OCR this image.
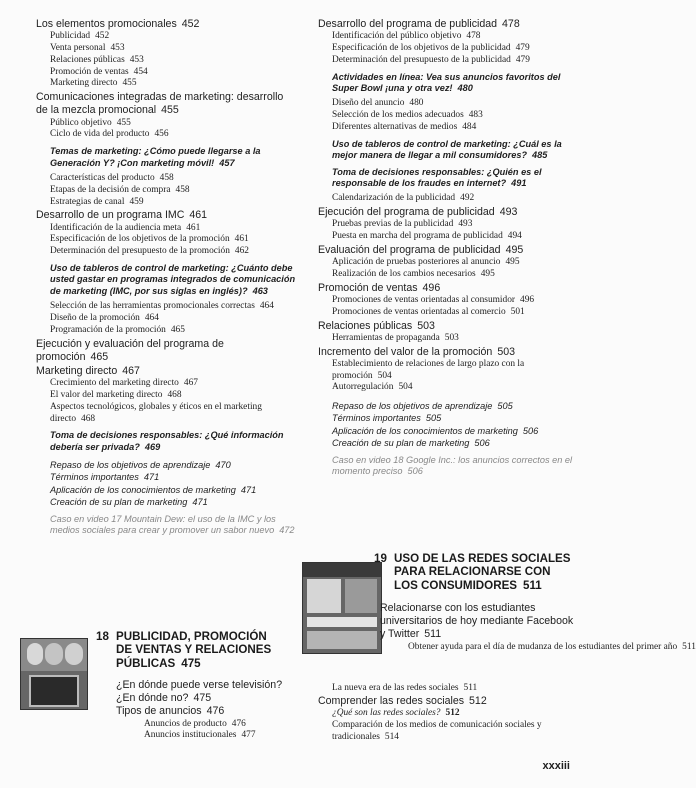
Los elementos promocionales 452
Publicidad 452
Venta personal 453
Relaciones públicas 453
Promoción de ventas 454
Marketing directo 455
Comunicaciones integradas de marketing: desarrollo de la mezcla promocional 455
Público objetivo 455
Ciclo de vida del producto 456
Temas de marketing: ¿Cómo puede llegarse a la Generación Y? ¡Con marketing móvil! 457
Características del producto 458
Etapas de la decisión de compra 458
Estrategias de canal 459
Desarrollo de un programa IMC 461
Identificación de la audiencia meta 461
Especificación de los objetivos de la promoción 461
Determinación del presupuesto de la promoción 462
Uso de tableros de control de marketing: ¿Cuánto debe usted gastar en programas integrados de comunicación de marketing (IMC, por sus siglas en inglés)? 463
Selección de las herramientas promocionales correctas 464
Diseño de la promoción 464
Programación de la promoción 465
Ejecución y evaluación del programa de promoción 465
Marketing directo 467
Crecimiento del marketing directo 467
El valor del marketing directo 468
Aspectos tecnológicos, globales y éticos en el marketing directo 468
Toma de decisiones responsables: ¿Qué información debería ser privada? 469
Repaso de los objetivos de aprendizaje 470
Términos importantes 471
Aplicación de los conocimientos de marketing 471
Creación de su plan de marketing 471
Caso en video 17 Mountain Dew: el uso de la IMC y los medios sociales para crear y promover un sabor nuevo 472
Desarrollo del programa de publicidad 478
Identificación del público objetivo 478
Especificación de los objetivos de la publicidad 479
Determinación del presupuesto de la publicidad 479
Actividades en línea: Vea sus anuncios favoritos del Super Bowl ¡una y otra vez! 480
Diseño del anuncio 480
Selección de los medios adecuados 483
Diferentes alternativas de medios 484
Uso de tableros de control de marketing: ¿Cuál es la mejor manera de llegar a mil consumidores? 485
Toma de decisiones responsables: ¿Quién es el responsable de los fraudes en internet? 491
Calendarización de la publicidad 492
Ejecución del programa de publicidad 493
Pruebas previas de la publicidad 493
Puesta en marcha del programa de publicidad 494
Evaluación del programa de publicidad 495
Aplicación de pruebas posteriores al anuncio 495
Realización de los cambios necesarios 495
Promoción de ventas 496
Promociones de ventas orientadas al consumidor 496
Promociones de ventas orientadas al comercio 501
Relaciones públicas 503
Herramientas de propaganda 503
Incremento del valor de la promoción 503
Establecimiento de relaciones de largo plazo con la promoción 504
Autorregulación 504
Repaso de los objetivos de aprendizaje 505
Términos importantes 505
Aplicación de los conocimientos de marketing 506
Creación de su plan de marketing 506
Caso en video 18 Google Inc.: los anuncios correctos en el momento preciso 506
18 PUBLICIDAD, PROMOCIÓN DE VENTAS Y RELACIONES PÚBLICAS 475
¿En dónde puede verse televisión? ¿En dónde no? 475
Tipos de anuncios 476
Anuncios de producto 476
Anuncios institucionales 477
19 USO DE LAS REDES SOCIALES PARA RELACIONARSE CON LOS CONSUMIDORES 511
Relacionarse con los estudiantes universitarios de hoy mediante Facebook y Twitter 511
Obtener ayuda para el día de mudanza de los estudiantes del primer año 511
La nueva era de las redes sociales 511
Comprender las redes sociales 512
¿Qué son las redes sociales? 512
Comparación de los medios de comunicación sociales y tradicionales 514
xxxiii
